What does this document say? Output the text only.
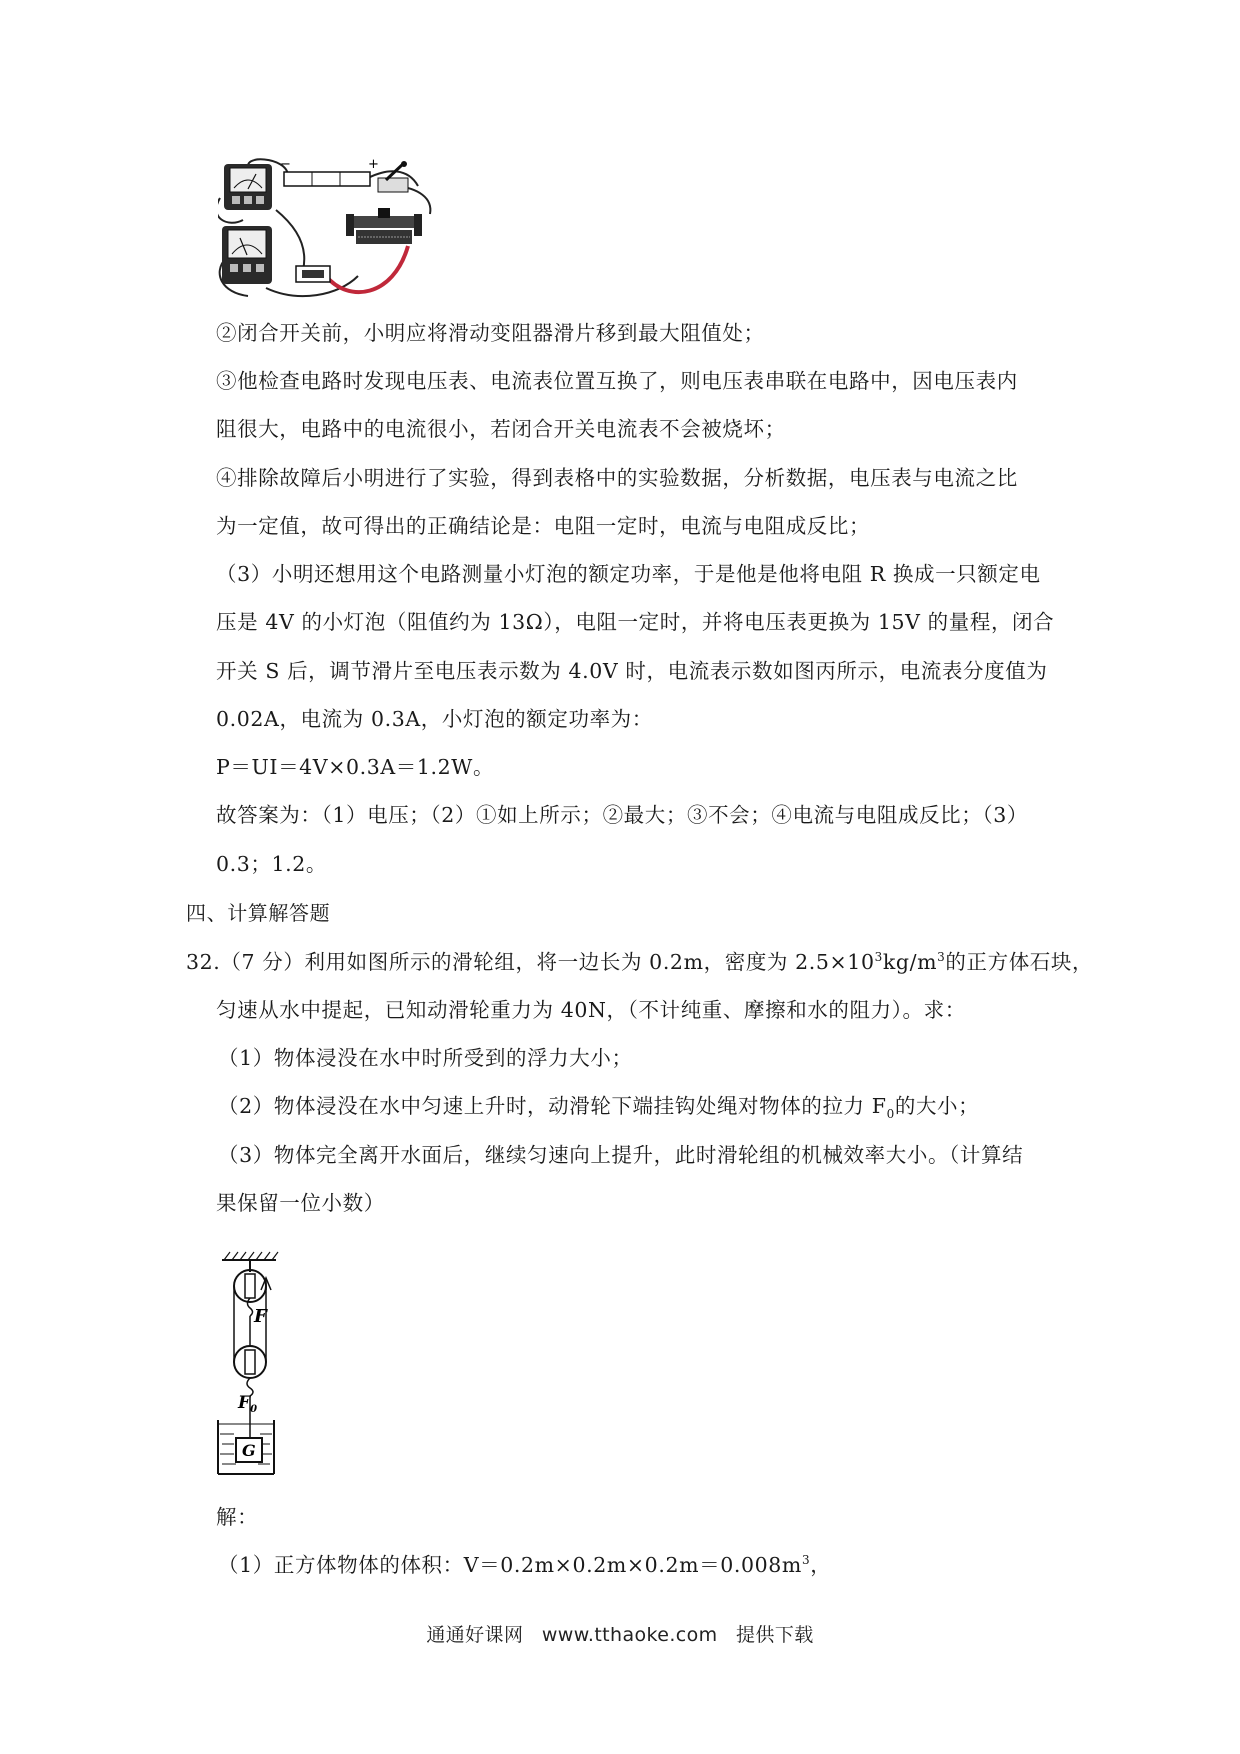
−	+
②闭合开关前，小明应将滑动变阻器滑片移到最大阻值处；
③他检查电路时发现电压表、电流表位置互换了，则电压表串联在电路中，因电压表内
阻很大，电路中的电流很小，若闭合开关电流表不会被烧坏；
④排除故障后小明进行了实验，得到表格中的实验数据，分析数据，电压表与电流之比
为一定值，故可得出的正确结论是：电阻一定时，电流与电阻成反比；
（3）小明还想用这个电路测量小灯泡的额定功率，于是他是他将电阻 R 换成一只额定电
压是 4V 的小灯泡（阻值约为 13Ω），电阻一定时，并将电压表更换为 15V 的量程，闭合
开关 S 后，调节滑片至电压表示数为 4.0V 时，电流表示数如图丙所示，电流表分度值为
0.02A，电流为 0.3A，小灯泡的额定功率为：
P＝UI＝4V×0.3A＝1.2W。
故答案为：（1）电压；（2）①如上所示；②最大；③不会；④电流与电阻成反比；（3）
0.3；1.2。
四、计算解答题
32.（7 分）利用如图所示的滑轮组，将一边长为 0.2m，密度为 $2.5\times 10^3kg/m^3$的正方体石块，
匀速从水中提起，已知动滑轮重力为 40N，（不计纯重、摩擦和水的阻力）。求：
（1）物体浸没在水中时所受到的浮力大小；
（2）物体浸没在水中匀速上升时，动滑轮下端挂钩处绳对物体的拉力 $F_0$的大小；
（3）物体完全离开水面后，继续匀速向上提升，此时滑轮组的机械效率大小。（计算结
果保留一位小数）
F
$F_0$
G
解：
（1）正方体物体的体积：$V=0.2m\times 0.2m\times 0.2m=0.008m^3$，
通通好课网 www.tthaoke.com 提供下载
